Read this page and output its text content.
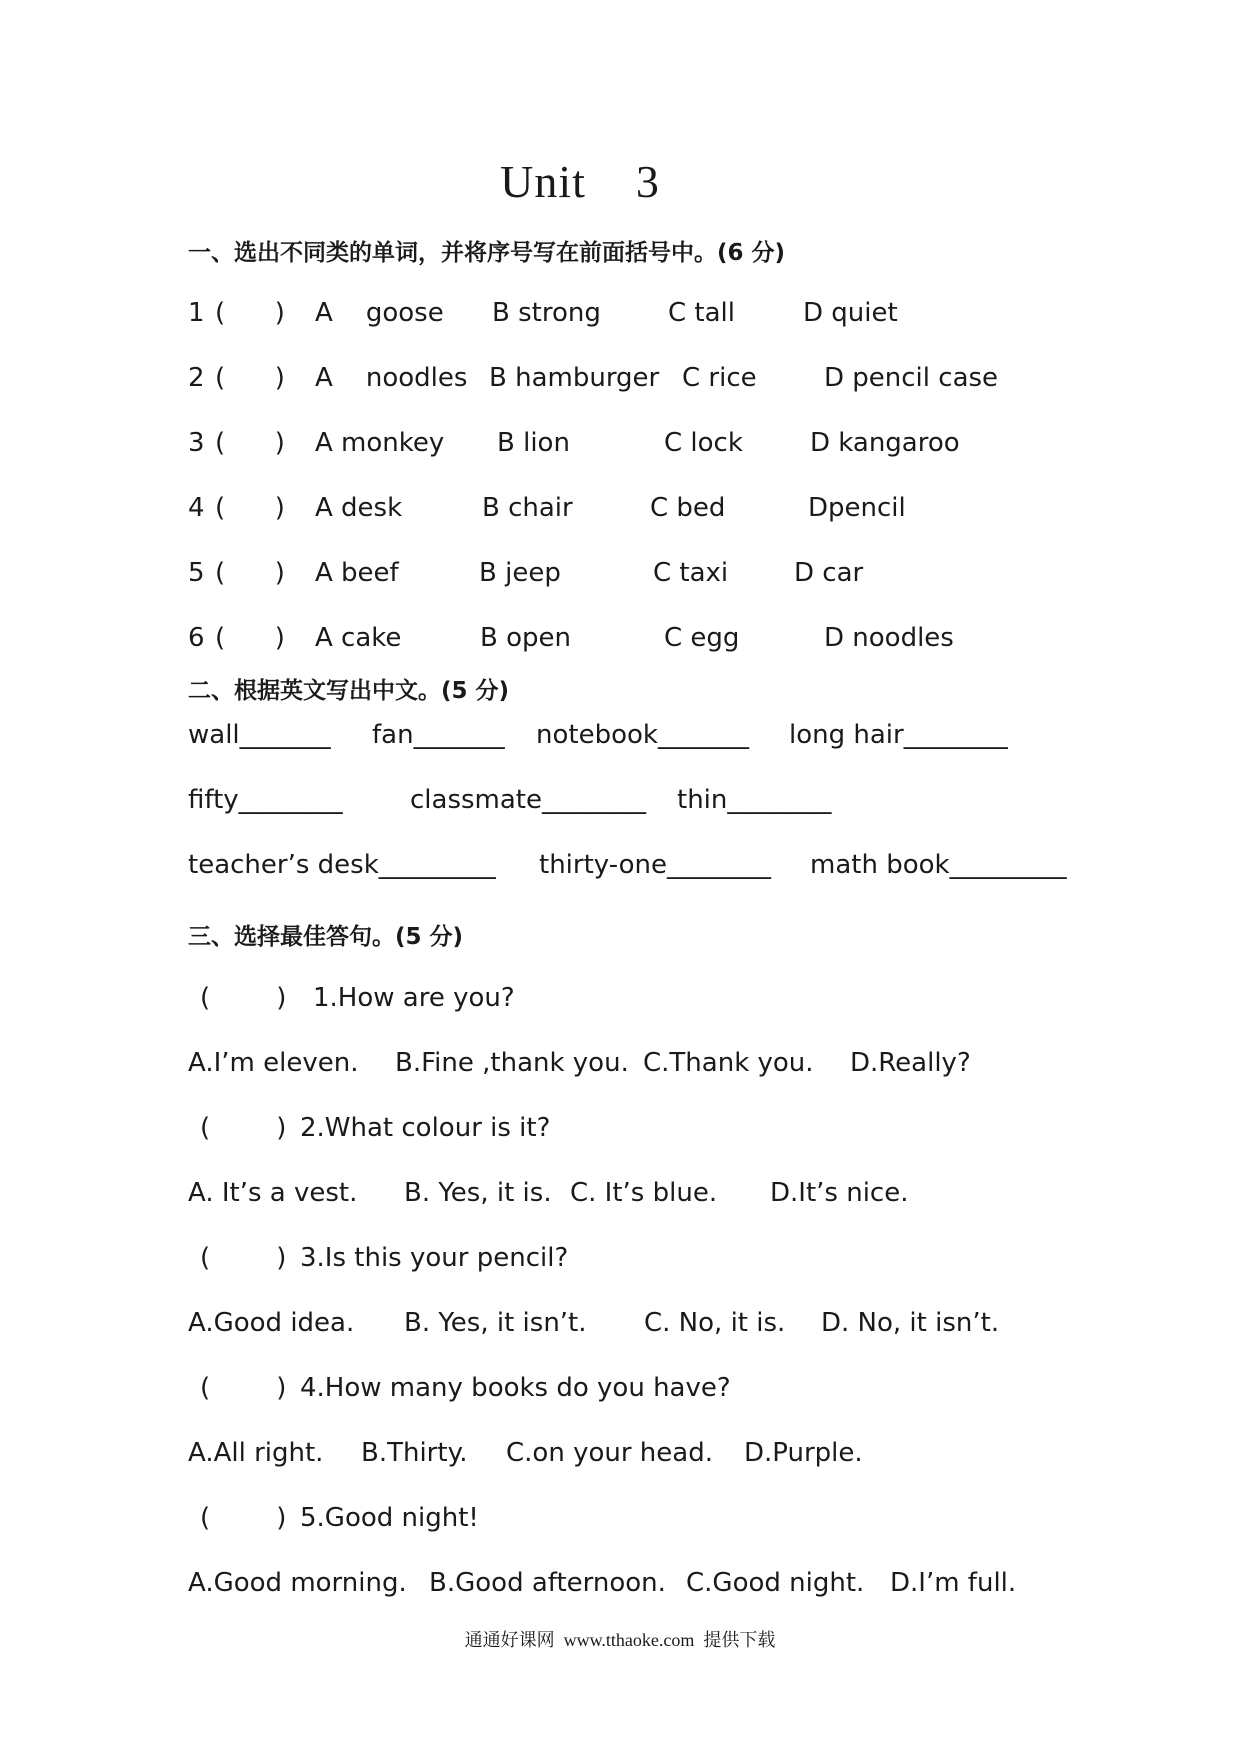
Unit    3
一、选出不同类的单词，并将序号写在前面括号中。(6 分)
1 (      ) A    goose B strong	C tall	D quiet
2 (      ) A    noodles B hamburger C rice	D pencil case
3 (      ) A monkey B lion	C lock	D kangaroo
4 (      ) A desk	B chair	C bed	Dpencil
5 (      ) A beef	B jeep	C taxi	D car
6 (      ) A cake	B open	C egg	D noodles
二、根据英文写出中文。(5 分)
wall_______ fan_______ notebook_______ long hair________
fifty________	classmate________ thin________
teacher’s desk_________ thirty-one________ math book_________
三、选择最佳答句。(5 分)
(        ) 1.How are you?
A.I’m eleven. B.Fine ,thank you. C.Thank you. D.Really?
(        ) 2.What colour is it?
A. It’s a vest. B. Yes, it is. C. It’s blue. D.It’s nice.
(        ) 3.Is this your pencil?
A.Good idea. B. Yes, it isn’t. C. No, it is. D. No, it isn’t.
(        ) 4.How many books do you have?
A.All right. B.Thirty. C.on your head. D.Purple.
(        ) 5.Good night!
A.Good morning. B.Good afternoon. C.Good night. D.I’m full.
通通好课网  www.tthaoke.com  提供下载
